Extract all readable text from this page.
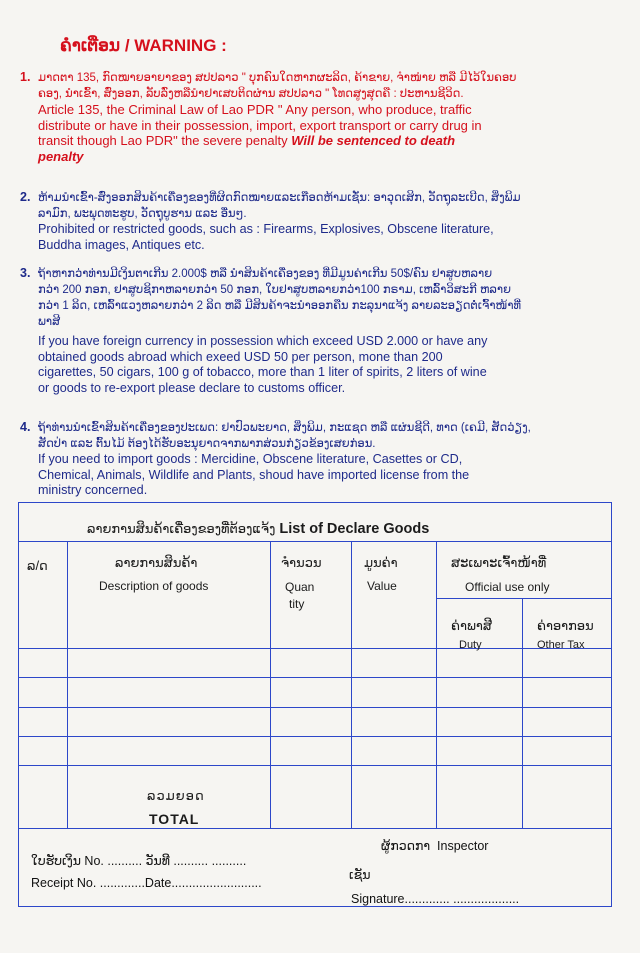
ຄຳເຕືອນ / WARNING :
1. ມາດຕາ 135, ກົດໝາຍອາຍາຂອງ ສປປລາວ " ບຸກຄົນໃດຫາກຜະລິດ, ຄ້າຂາຍ, ຈຳໜ່າຍ ຫລື ມີໄວ້ໃນຄອບ
ຄອງ, ນຳເຂົ້າ, ສົ່ງອອກ, ລັບລົ່ງຫລືນຳຢາເສບຕິດຜ່ານ ສປປລາວ " ໂທດສູງສຸດຄື : ປະຫານຊີວິດ.
Article 135, the Criminal Law of Lao PDR " Any person, who produce, traffic
distribute or have in their possession, import, export transport or carry drug in
transit though Lao PDR" the severe penalty Will be sentenced to death
penalty
2. ຫ້າມນຳເຂົ້າ-ສົ່ງອອກສິນຄ້າເຄື່ອງຂອງທີ່ຜິດກົດໝາຍແລະເກືອດຫ້າມເຊັ່ນ: ອາວຸດເສິກ, ວັດຖຸລະເບີດ, ສິ່ງພິມ
ລາມົກ, ພະພຸດທະຮູບ, ວັດຖຸບູຮານ ແລະ ອື່ນໆ.
Prohibited or restricted goods, such as : Firearms, Explosives, Obscene literature,
Buddha images, Antiques etc.
3. ຖ້າຫາກວ່າທ່ານມີເງິນຕາເກີນ 2.000$ ຫລື ນຳສິນຄ້າເຄື່ອງຂອງ ທີ່ມີມູນຄ່າເກີນ 50$/ຄົນ ຢາສູບຫລາຍ
ກວ່າ 200 ກອກ, ຢາສູບຊິກາຫລາຍກວ່າ 50 ກອກ, ໃບຢາສູບຫລາຍກວ່າ100 ກຣາມ, ເຫລົ້າວິສະກີ ຫລາຍ
ກວ່າ 1 ລິດ, ເຫລົ້າແວງຫລາຍກວ່າ 2 ລິດ ຫລື ມີສິນຄ້າຈະນຳອອກຄືນ ກະລຸນາແຈ້ງ ລາຍລະອຽດຕໍ່ເຈົ້າໜ້າທີ່
ພາສີ
If you have foreign currency in possession which exceed USD 2.000 or have any
obtained goods abroad which exeed USD 50 per person, mone than 200
cigarettes, 50 cigars, 100 g of tobacco, more than 1 liter of spirits, 2 liters of wine
or goods to re-export please declare to customs officer.
4. ຖ້າທ່ານນຳເຂົ້າສິນຄ້າເຄື່ອງຂອງປະເພດ: ຢາປົວພະຍາດ, ສິ່ງພິມ, ກະແຊດ ຫລື ແຜ່ນຊີດີ, ທາດ (ເຄມີ, ສັດວ່ຽງ,
ສັດປ່າ ແລະ ຕົ້ນໄມ້ ຕ້ອງໄດ້ຮັບອະນຸຍາດຈາກພາກສ່ວນກ່ຽວຂ້ອງເສຍກ່ອນ.
If you need to import goods : Mercidine, Obscene literature, Casettes or CD,
Chemical, Animals, Wildlife and Plants, shoud have imported license from the
ministry concerned.
ລາຍການສິນຄ້າເຄື່ອງຂອງທີ່ຕ້ອງແຈ້ງ List of Declare Goods
ລ/ດ	ລາຍການສິນຄ້າ
Description of goods
ຈຳນວນ
Quan
tity
ມູນຄ່າ
Value
ສະເພາະເຈົ້າໜ້າທີ່
Official use only
ຄ່າພາສີ
Duty
ຄ່າອາກອນ
Other Tax
ລວມຍອດ
TOTAL
ໃບຮັບເງິນ No. .......... ວັນທີ .......... ..........
Receipt No. .............Date..........................
ຜູ້ກວດກາ Inspector
ເຊັນ
Signature............. ...................
